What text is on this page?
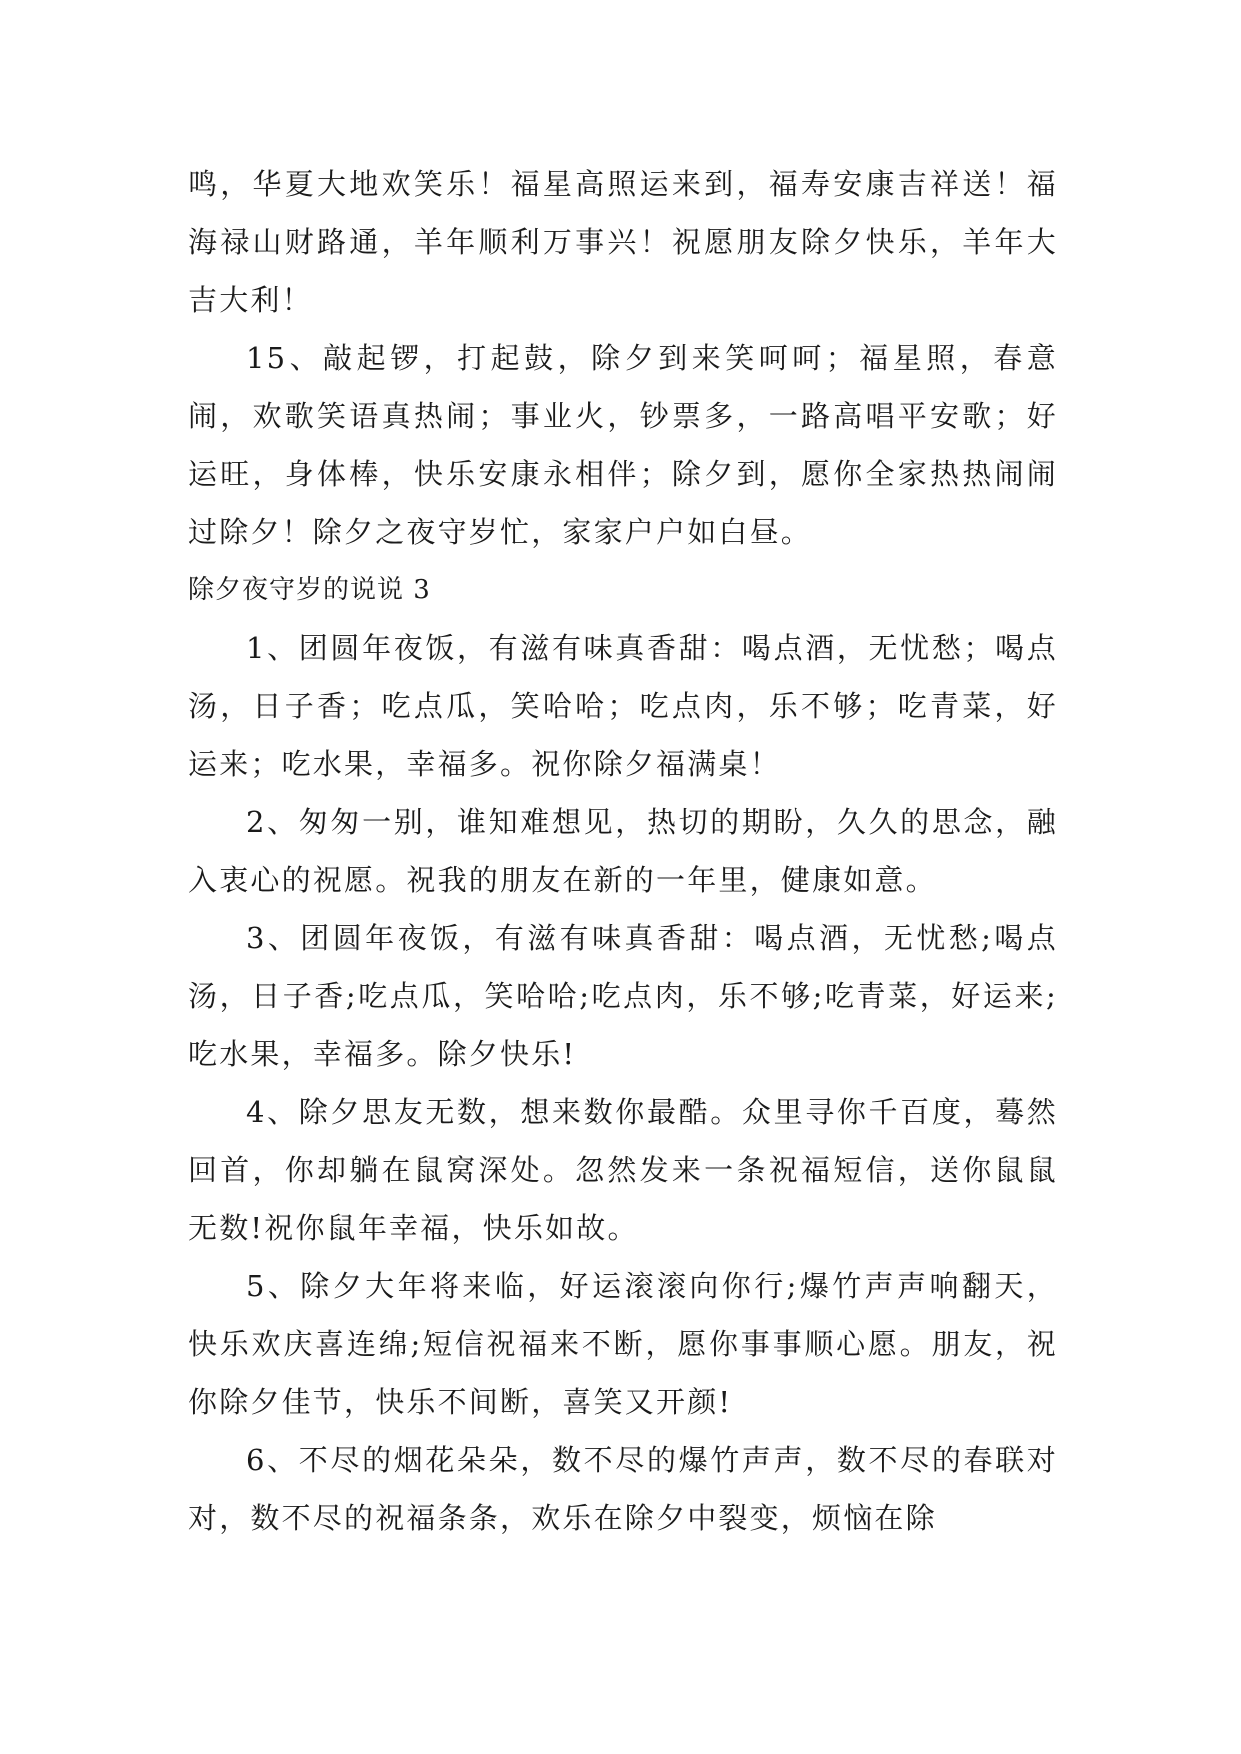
鸣，华夏大地欢笑乐！福星高照运来到，福寿安康吉祥送！福海禄山财路通，羊年顺利万事兴！祝愿朋友除夕快乐，羊年大吉大利！

15、敲起锣，打起鼓，除夕到来笑呵呵；福星照，春意闹，欢歌笑语真热闹；事业火，钞票多，一路高唱平安歌；好运旺，身体棒，快乐安康永相伴；除夕到，愿你全家热热闹闹过除夕！除夕之夜守岁忙，家家户户如白昼。

除夕夜守岁的说说 3

1、团圆年夜饭，有滋有味真香甜：喝点酒，无忧愁；喝点汤，日子香；吃点瓜，笑哈哈；吃点肉，乐不够；吃青菜，好运来；吃水果，幸福多。祝你除夕福满桌！

2、匆匆一别，谁知难想见，热切的期盼，久久的思念，融入衷心的祝愿。祝我的朋友在新的一年里，健康如意。

3、团圆年夜饭，有滋有味真香甜：喝点酒，无忧愁;喝点汤，日子香;吃点瓜，笑哈哈;吃点肉，乐不够;吃青菜，好运来;吃水果，幸福多。除夕快乐!

4、除夕思友无数，想来数你最酷。众里寻你千百度，蓦然回首，你却躺在鼠窝深处。忽然发来一条祝福短信，送你鼠鼠无数!祝你鼠年幸福，快乐如故。

5、除夕大年将来临，好运滚滚向你行;爆竹声声响翻天，快乐欢庆喜连绵;短信祝福来不断，愿你事事顺心愿。朋友，祝你除夕佳节，快乐不间断，喜笑又开颜!

6、不尽的烟花朵朵，数不尽的爆竹声声，数不尽的春联对对，数不尽的祝福条条，欢乐在除夕中裂变，烦恼在除
